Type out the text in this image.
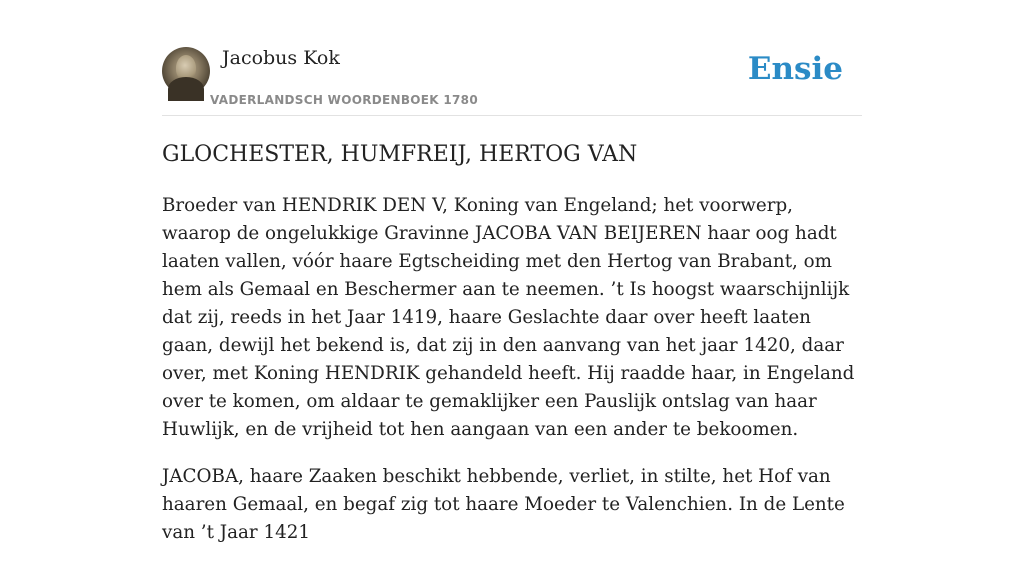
Jacobus Kok
VADERLANDSCH WOORDENBOEK 1780
Ensie
GLOCHESTER, HUMFREIJ, HERTOG VAN

Broeder van HENDRIK DEN V, Koning van Engeland; het voorwerp, waarop de ongelukkige Gravinne JACOBA VAN BEIJEREN haar oog hadt laaten vallen, vóór haare Egtscheiding met den Hertog van Brabant, om hem als Gemaal en Beschermer aan te neemen. ’t Is hoogst waarschijnlijk dat zij, reeds in het Jaar 1419, haare Geslachte daar over heeft laaten gaan, dewijl het bekend is, dat zij in den aanvang van het jaar 1420, daar over, met Koning HENDRIK gehandeld heeft. Hij raadde haar, in Engeland over te komen, om aldaar te gemaklijker een Pauslijk ontslag van haar Huwlijk, en de vrijheid tot hen aangaan van een ander te bekoomen.

JACOBA, haare Zaaken beschikt hebbende, verliet, in stilte, het Hof van haaren Gemaal, en begaf zig tot haare Moeder te Valenchien. In de Lente van ’t Jaar 1421
